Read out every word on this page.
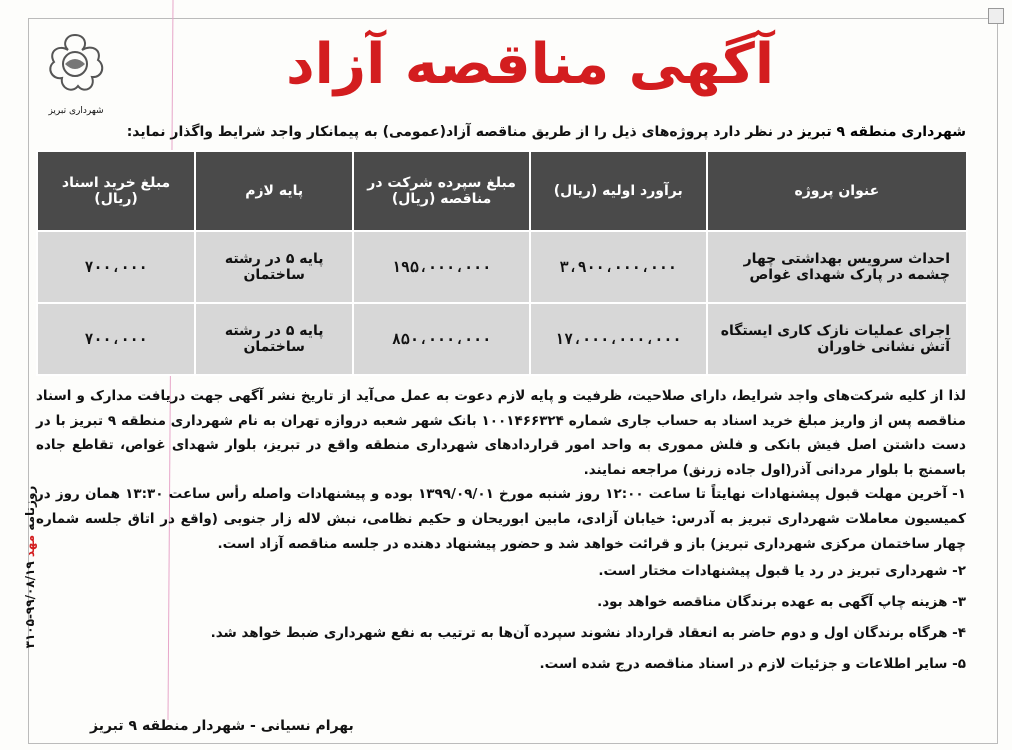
شهرداری تبریز
آگهی مناقصه آزاد
شهرداری منطقه ۹ تبریز در نظر دارد پروژه‌های ذیل را از طریق مناقصه آزاد(عمومی) به پیمانکار واجد شرایط واگذار نماید:
عنوان پروژه	برآورد اولیه (ریال)	مبلغ سپرده شرکت در مناقصه (ریال)	پایه لازم	مبلغ خرید اسناد (ریال)
احداث سرویس بهداشتی چهار چشمه در پارک شهدای غواص	۳،۹۰۰،۰۰۰،۰۰۰	۱۹۵،۰۰۰،۰۰۰	پایه ۵ در رشته ساختمان	۷۰۰،۰۰۰
اجرای عملیات نازک کاری ایستگاه آتش نشانی خاوران	۱۷،۰۰۰،۰۰۰،۰۰۰	۸۵۰،۰۰۰،۰۰۰	پایه ۵ در رشته ساختمان	۷۰۰،۰۰۰

لذا از کلیه شرکت‌های واجد شرایط، دارای صلاحیت، ظرفیت و پایه لازم دعوت به عمل می‌آید از تاریخ نشر آگهی جهت دریافت مدارک و اسناد مناقصه پس از واریز مبلغ خرید اسناد به حساب جاری شماره ۱۰۰۱۴۶۶۳۲۴ بانک شهر شعبه دروازه تهران به نام شهرداری منطقه ۹ تبریز با در دست داشتن اصل فیش بانکی و فلش مموری به واحد امور قراردادهای شهرداری منطقه واقع در تبریز، بلوار شهدای غواص، تقاطع جاده باسمنج با بلوار مردانی آذر(اول جاده زرنق) مراجعه نمایند.

۱- آخرین مهلت قبول پیشنهادات نهایتاً تا ساعت ۱۲:۰۰ روز شنبه مورخ ۱۳۹۹/۰۹/۰۱ بوده و پیشنهادات واصله رأس ساعت ۱۳:۳۰ همان روز در کمیسیون معاملات شهرداری تبریز به آدرس: خیابان آزادی، مابین ابوریحان و حکیم نظامی، نبش لاله زار جنوبی (واقع در اتاق جلسه شماره چهار ساختمان مرکزی شهرداری تبریز) باز و قرائت خواهد شد و حضور پیشنهاد دهنده در جلسه مناقصه آزاد است.

۲- شهرداری تبریز در رد یا قبول پیشنهادات مختار است.

۳- هزینه چاپ آگهی به عهده برندگان مناقصه خواهد بود.

۴- هرگاه برندگان اول و دوم حاضر به انعقاد قرارداد نشوند سپرده آن‌ها به ترتیب به نفع شهرداری ضبط خواهد شد.

۵- سایر اطلاعات و جزئیات لازم در اسناد مناقصه درج شده است.

بهرام نسیانی - شهردار منطقه ۹ تبریز
روزنامه مهد ۹۹/۰۸/۱۹-۳۱۰۵
